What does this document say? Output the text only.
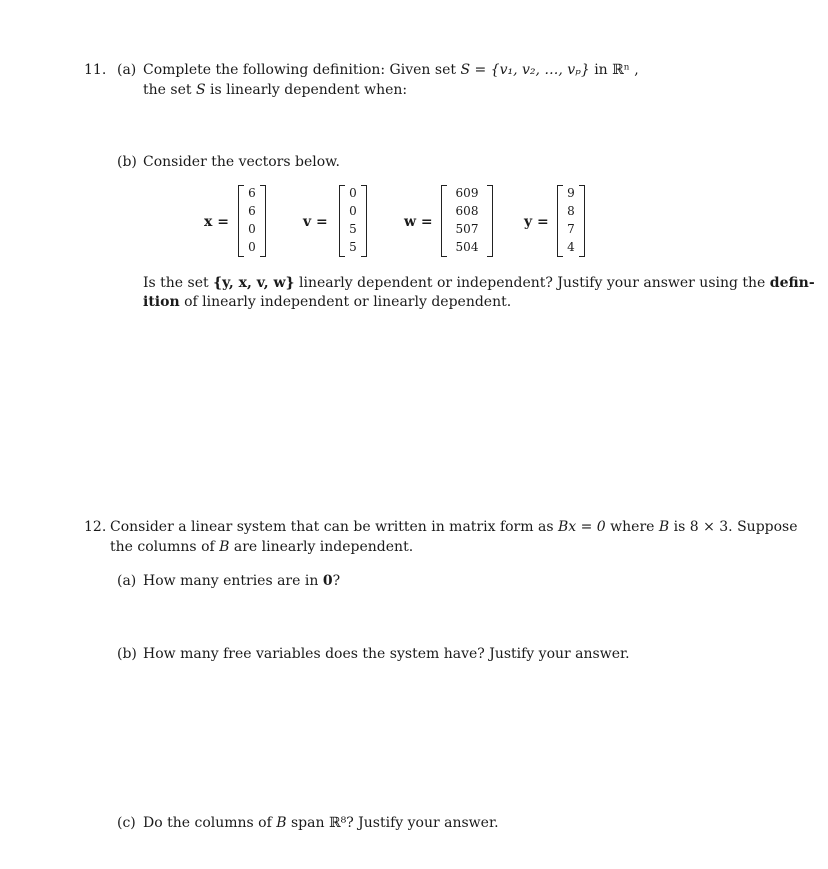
11. (a) Complete the following definition: Given set S = {v₁, v₂, …, vₚ} in ℝⁿ ,
the set S is linearly dependent when:
(b) Consider the vectors below.
x =
6
6
0
0
v =
0
0
5
5
w =
609
608
507
504
y =
9
8
7
4
Is the set {y, x, v, w} linearly dependent or independent? Justify your answer using the defin-
ition of linearly independent or linearly dependent.
12. Consider a linear system that can be written in matrix form as Bx = 0 where B is 8 × 3. Suppose
the columns of B are linearly independent.
(a) How many entries are in 0?
(b) How many free variables does the system have? Justify your answer.
(c) Do the columns of B span ℝ⁸? Justify your answer.
